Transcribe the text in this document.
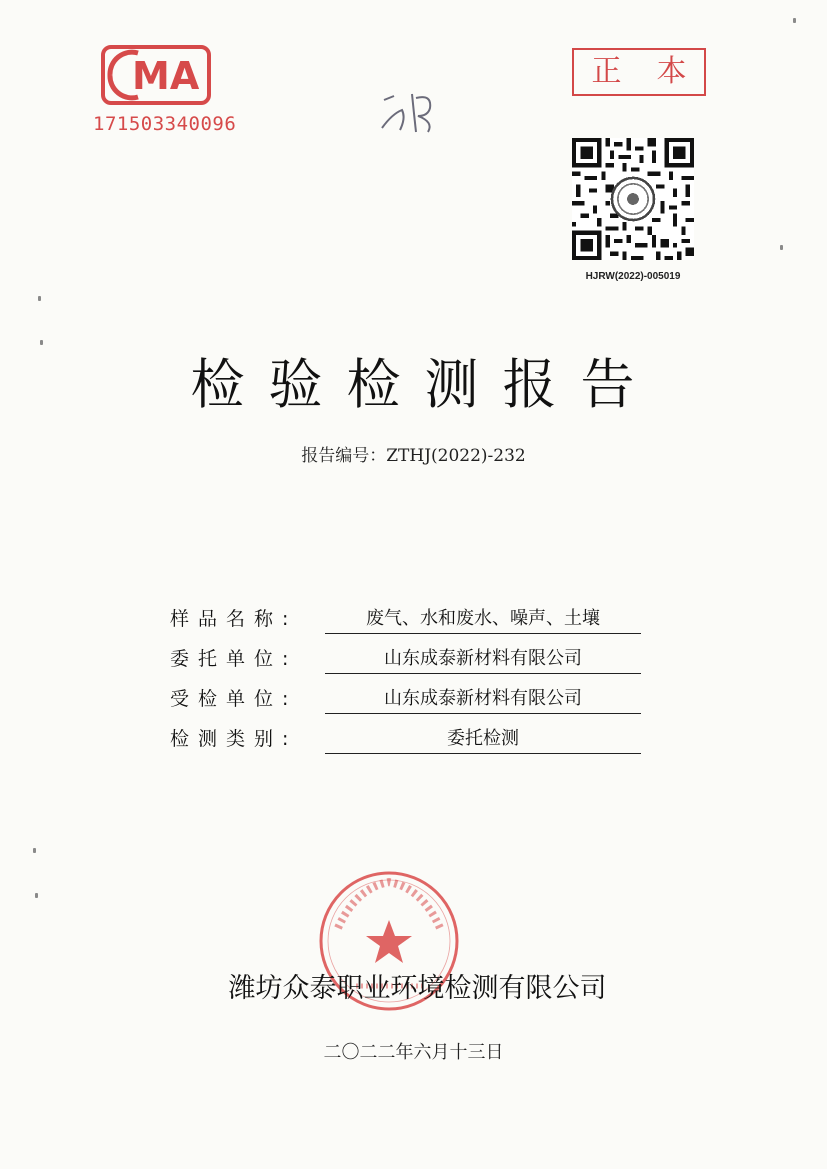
MA
171503340096
正 本
HJRW(2022)-005019
检验检测报告
报告编号：ZTHJ(2022)-232
样品名称:	废气、水和废水、噪声、土壤
委托单位:	山东成泰新材料有限公司
受检单位:	山东成泰新材料有限公司
检测类别:	委托检测
潍坊众泰职业环境检测有限公司
二〇二二年六月十三日
